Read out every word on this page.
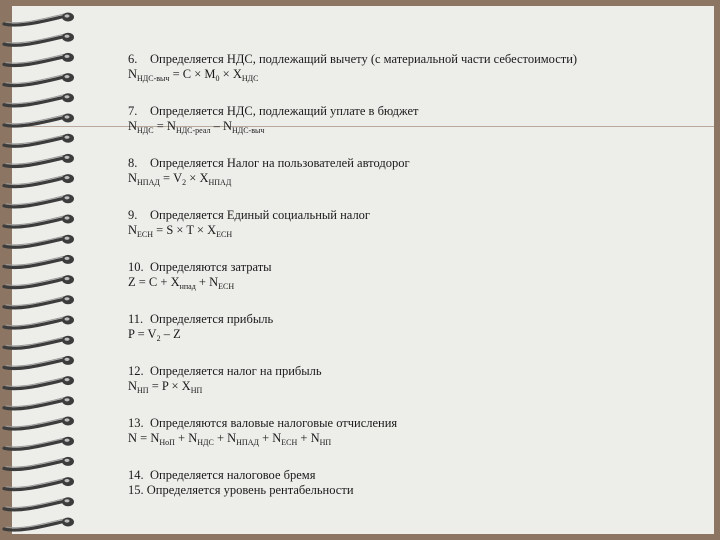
6. Определяется НДС, подлежащий вычету (с материальной части себестоимости)
$N_{НДС-выч} = C \times M_0 \times X_{НДС}$
7. Определяется НДС, подлежащий уплате в бюджет
$N_{НДС} = N_{НДС-реал} - N_{НДС-выч}$
8. Определяется Налог на пользователей автодорог
$N_{НПАД} = V_2 \times X_{НПАД}$
9. Определяется Единый социальный налог
$N_{ЕСН} = S \times T \times X_{ЕСН}$
10. Определяются затраты
$Z = C + X_{нпад} + N_{ЕСН}$
11. Определяется прибыль
$P = V_2 - Z$
12. Определяется налог на прибыль
$N_{НП} = P \times X_{НП}$
13. Определяются валовые налоговые отчисления
$N = N_{НоП} + N_{НДС} + N_{НПАД} + N_{ЕСН} + N_{НП}$
14. Определяется налоговое бремя
15. Определяется уровень рентабельности
